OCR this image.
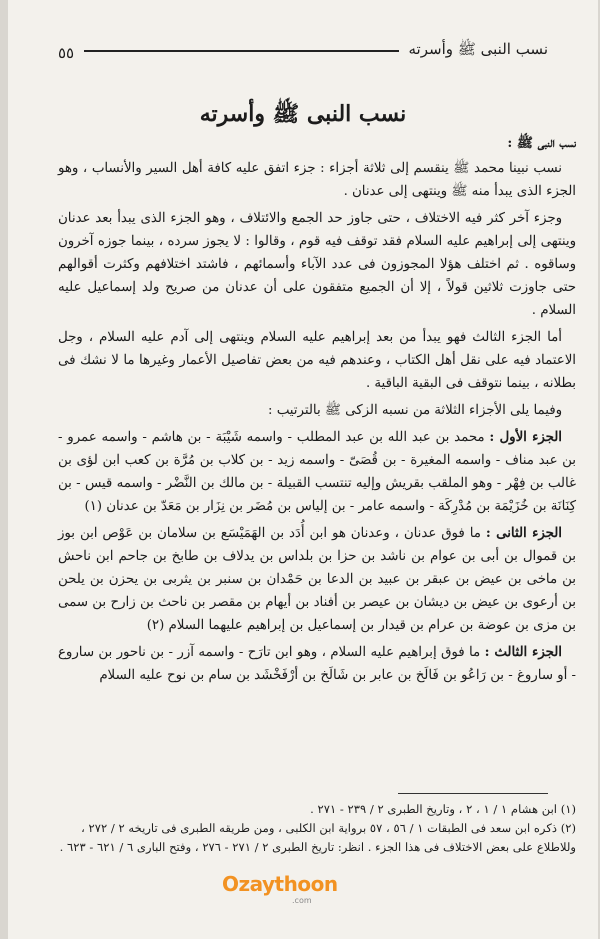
نسب النبى ﷺ وأسرته
٥٥
نسب النبى ﷺ وأسرته

نسب النبى ﷺ :

نسب نبينا محمد ﷺ ينقسم إلى ثلاثة أجزاء : جزء اتفق عليه كافة أهل السير والأنساب ، وهو الجزء الذى يبدأ منه ﷺ وينتهى إلى عدنان .

وجزء آخر كثر فيه الاختلاف ، حتى جاوز حد الجمع والائتلاف ، وهو الجزء الذى يبدأ بعد عدنان وينتهى إلى إبراهيم عليه السلام فقد توقف فيه قوم ، وقالوا : لا يجوز سرده ، بينما جوزه آخرون وساقوه . ثم اختلف هؤلا المجوزون فى عدد الآباء وأسمائهم ، فاشتد اختلافهم وكثرت أقوالهم حتى جاوزت ثلاثين قولاً ، إلا أن الجميع متفقون على أن عدنان من صريح ولد إسماعيل عليه السلام .

أما الجزء الثالث فهو يبدأ من بعد إبراهيم عليه السلام وينتهى إلى آدم عليه السلام ، وجل الاعتماد فيه على نقل أهل الكتاب ، وعندهم فيه من بعض تفاصيل الأعمار وغيرها ما لا نشك فى بطلانه ، بينما نتوقف فى البقية الباقية .

وفيما يلى الأجزاء الثلاثة من نسبه الزكى ﷺ بالترتيب :

الجزء الأول : محمد بن عبد الله بن عبد المطلب - واسمه شَيْبَة - بن هاشم - واسمه عمرو - بن عبد مناف - واسمه المغيرة - بن قُصَىّ - واسمه زيد - بن كلاب بن مُرَّة بن كعب ابن لؤى بن غالب بن فِهْر - وهو الملقب بقريش وإليه تنتسب القبيلة - بن مالك بن النَّضْر - واسمه قيس - بن كِنَانَة بن خُزَيْمَة بن مُدْرِكَة - واسمه عامر - بن إلياس بن مُضَر بن نِزَار بن مَعَدّ بن عدنان (١)

الجزء الثانى : ما فوق عدنان ، وعدنان هو ابن أُدَد بن الهَمَيْسَع بن سلامان بن عَوْص ابن بوز بن قموال بن أبى بن عوام بن ناشد بن حزا بن بلداس بن يدلاف بن طابخ بن جاحم ابن ناحش بن ماخى بن عيض بن عبقر بن عبيد بن الدعا بن حَمْدان بن سنبر بن يثربى بن يحزن بن يلحن بن أرعوى بن عيض بن ديشان بن عيصر بن أفناد بن أيهام بن مقصر بن ناحث بن زارح بن سمى بن مزى بن عوضة بن عرام بن قيدار بن إسماعيل بن إبراهيم عليهما السلام (٢)

الجزء الثالث : ما فوق إبراهيم عليه السلام ، وهو ابن تارَح - واسمه آزر - بن ناحور بن ساروع - أو ساروغ - بن رَاعُو بن فَالَخ بن عابر بن شَالَخ بن أرْفَخْشَد بن سام بن نوح عليه السلام

(١) ابن هشام ١ / ١ ، ٢ ، وتاريخ الطبرى ٢ / ٢٣٩ - ٢٧١ .

(٢) ذكره ابن سعد فى الطبقات ١ / ٥٦ ، ٥٧ برواية ابن الكلبى ، ومن طريقه الطبرى فى تاريخه ٢ / ٢٧٢ ، وللاطلاع على بعض الاختلاف فى هذا الجزء . انظر: تاريخ الطبرى ٢ / ٢٧١ - ٢٧٦ ، وفتح البارى ٦ / ٦٢١ - ٦٢٣ .

Ozaythoon
.com
